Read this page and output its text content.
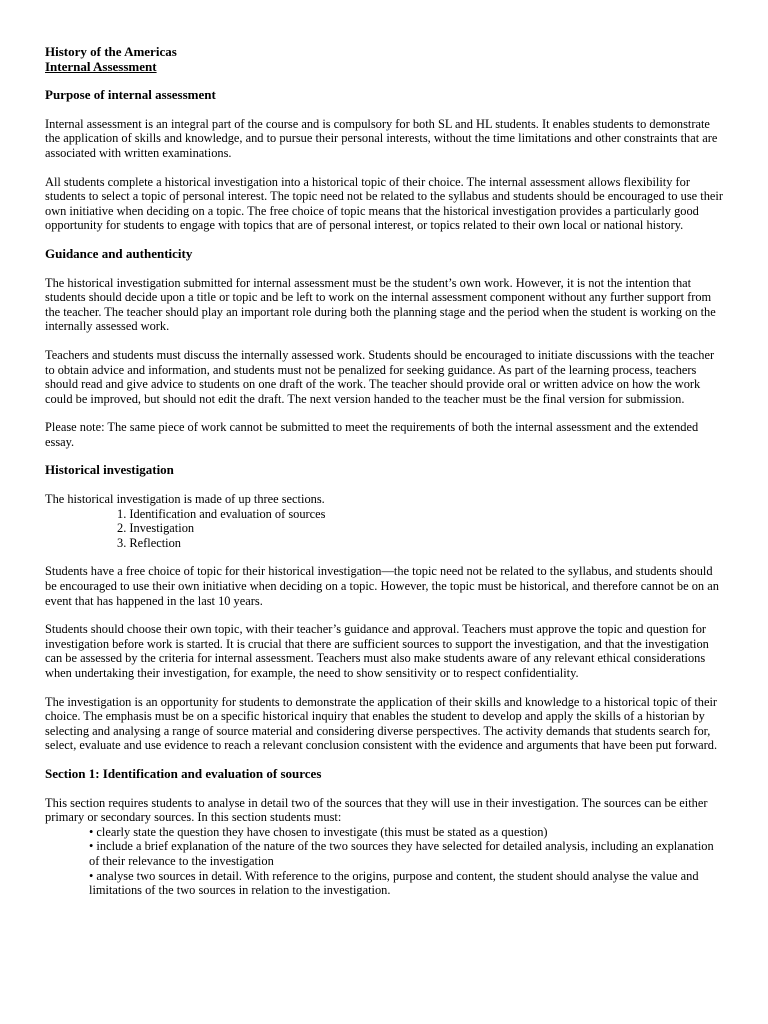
History of the Americas
Internal Assessment
Purpose of internal assessment

Internal assessment is an integral part of the course and is compulsory for both SL and HL students. It enables students to demonstrate the application of skills and knowledge, and to pursue their personal interests, without the time limitations and other constraints that are associated with written examinations.

All students complete a historical investigation into a historical topic of their choice. The internal assessment allows flexibility for students to select a topic of personal interest. The topic need not be related to the syllabus and students should be encouraged to use their own initiative when deciding on a topic. The free choice of topic means that the historical investigation provides a particularly good opportunity for students to engage with topics that are of personal interest, or topics related to their own local or national history.

Guidance and authenticity

The historical investigation submitted for internal assessment must be the student’s own work. However, it is not the intention that students should decide upon a title or topic and be left to work on the internal assessment component without any further support from the teacher. The teacher should play an important role during both the planning stage and the period when the student is working on the internally assessed work.

Teachers and students must discuss the internally assessed work. Students should be encouraged to initiate discussions with the teacher to obtain advice and information, and students must not be penalized for seeking guidance. As part of the learning process, teachers should read and give advice to students on one draft of the work. The teacher should provide oral or written advice on how the work could be improved, but should not edit the draft. The next version handed to the teacher must be the final version for submission.

Please note: The same piece of work cannot be submitted to meet the requirements of both the internal assessment and the extended essay.

Historical investigation

The historical investigation is made of up three sections.

1. Identification and evaluation of sources
2. Investigation
3. Reflection

Students have a free choice of topic for their historical investigation—the topic need not be related to the syllabus, and students should be encouraged to use their own initiative when deciding on a topic. However, the topic must be historical, and therefore cannot be on an event that has happened in the last 10 years.

Students should choose their own topic, with their teacher’s guidance and approval. Teachers must approve the topic and question for investigation before work is started. It is crucial that there are sufficient sources to support the investigation, and that the investigation can be assessed by the criteria for internal assessment. Teachers must also make students aware of any relevant ethical considerations when undertaking their investigation, for example, the need to show sensitivity or to respect confidentiality.

The investigation is an opportunity for students to demonstrate the application of their skills and knowledge to a historical topic of their choice. The emphasis must be on a specific historical inquiry that enables the student to develop and apply the skills of a historian by selecting and analysing a range of source material and considering diverse perspectives. The activity demands that students search for, select, evaluate and use evidence to reach a relevant conclusion consistent with the evidence and arguments that have been put forward.

Section 1: Identification and evaluation of sources

This section requires students to analyse in detail two of the sources that they will use in their investigation. The sources can be either primary or secondary sources. In this section students must:

• clearly state the question they have chosen to investigate (this must be stated as a question)
• include a brief explanation of the nature of the two sources they have selected for detailed analysis, including an explanation of their relevance to the investigation
• analyse two sources in detail. With reference to the origins, purpose and content, the student should analyse the value and limitations of the two sources in relation to the investigation.
